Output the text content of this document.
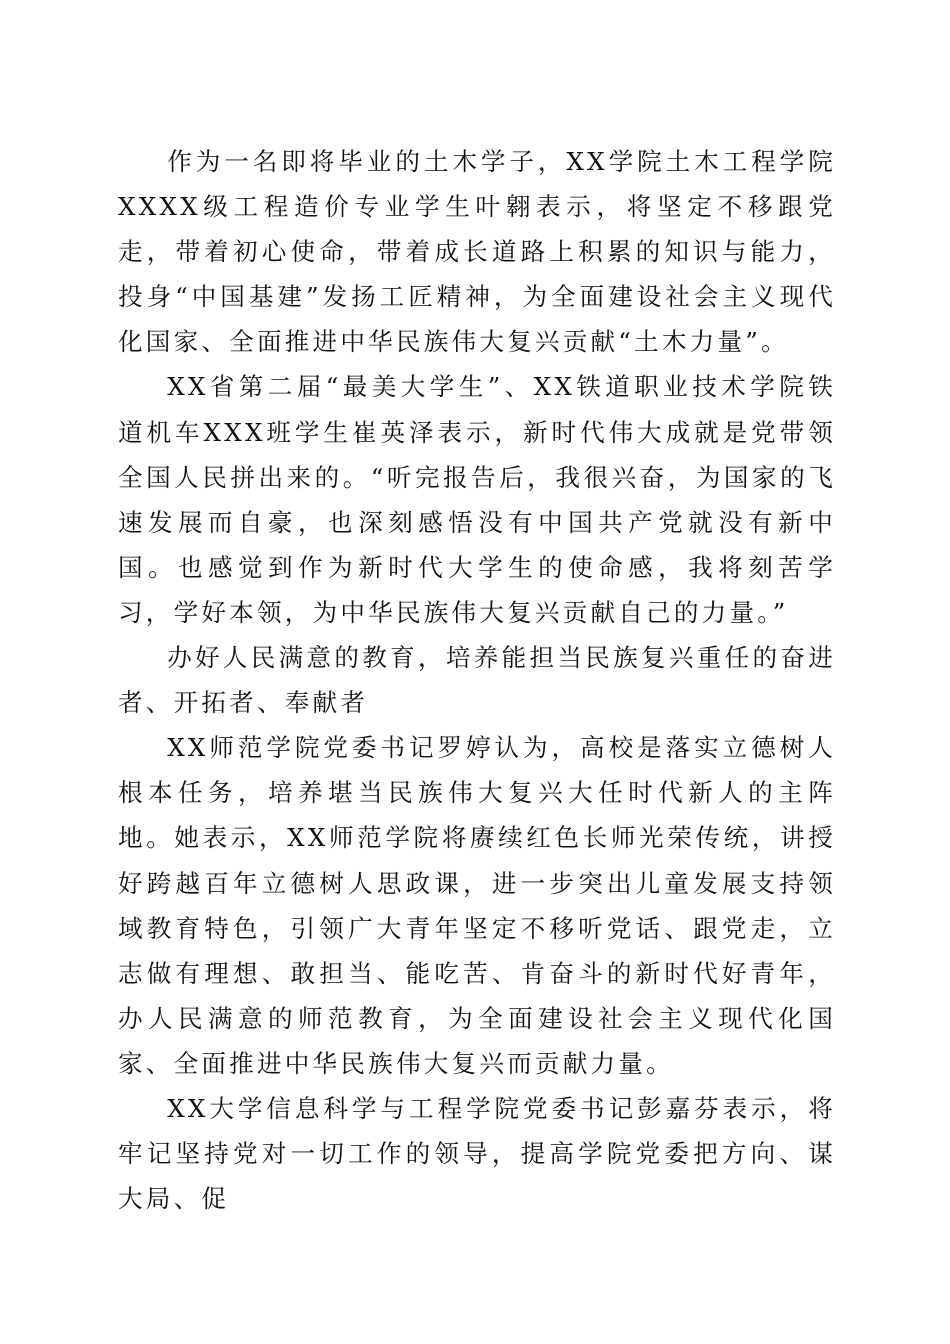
作为一名即将毕业的土木学子，XX学院土木工程学院XXXX级工程造价专业学生叶翱表示，将坚定不移跟党走，带着初心使命，带着成长道路上积累的知识与能力，投身“中国基建”发扬工匠精神，为全面建设社会主义现代化国家、全面推进中华民族伟大复兴贡献“土木力量”。

XX省第二届“最美大学生”、XX铁道职业技术学院铁道机车XXX班学生崔英泽表示，新时代伟大成就是党带领全国人民拼出来的。“听完报告后，我很兴奋，为国家的飞速发展而自豪，也深刻感悟没有中国共产党就没有新中国。也感觉到作为新时代大学生的使命感，我将刻苦学习，学好本领，为中华民族伟大复兴贡献自己的力量。”

办好人民满意的教育，培养能担当民族复兴重任的奋进者、开拓者、奉献者

XX师范学院党委书记罗婷认为，高校是落实立德树人根本任务，培养堪当民族伟大复兴大任时代新人的主阵地。她表示，XX师范学院将赓续红色长师光荣传统，讲授好跨越百年立德树人思政课，进一步突出儿童发展支持领域教育特色，引领广大青年坚定不移听党话、跟党走，立志做有理想、敢担当、能吃苦、肯奋斗的新时代好青年，办人民满意的师范教育，为全面建设社会主义现代化国家、全面推进中华民族伟大复兴而贡献力量。

XX大学信息科学与工程学院党委书记彭嘉芬表示，将牢记坚持党对一切工作的领导，提高学院党委把方向、谋大局、促
